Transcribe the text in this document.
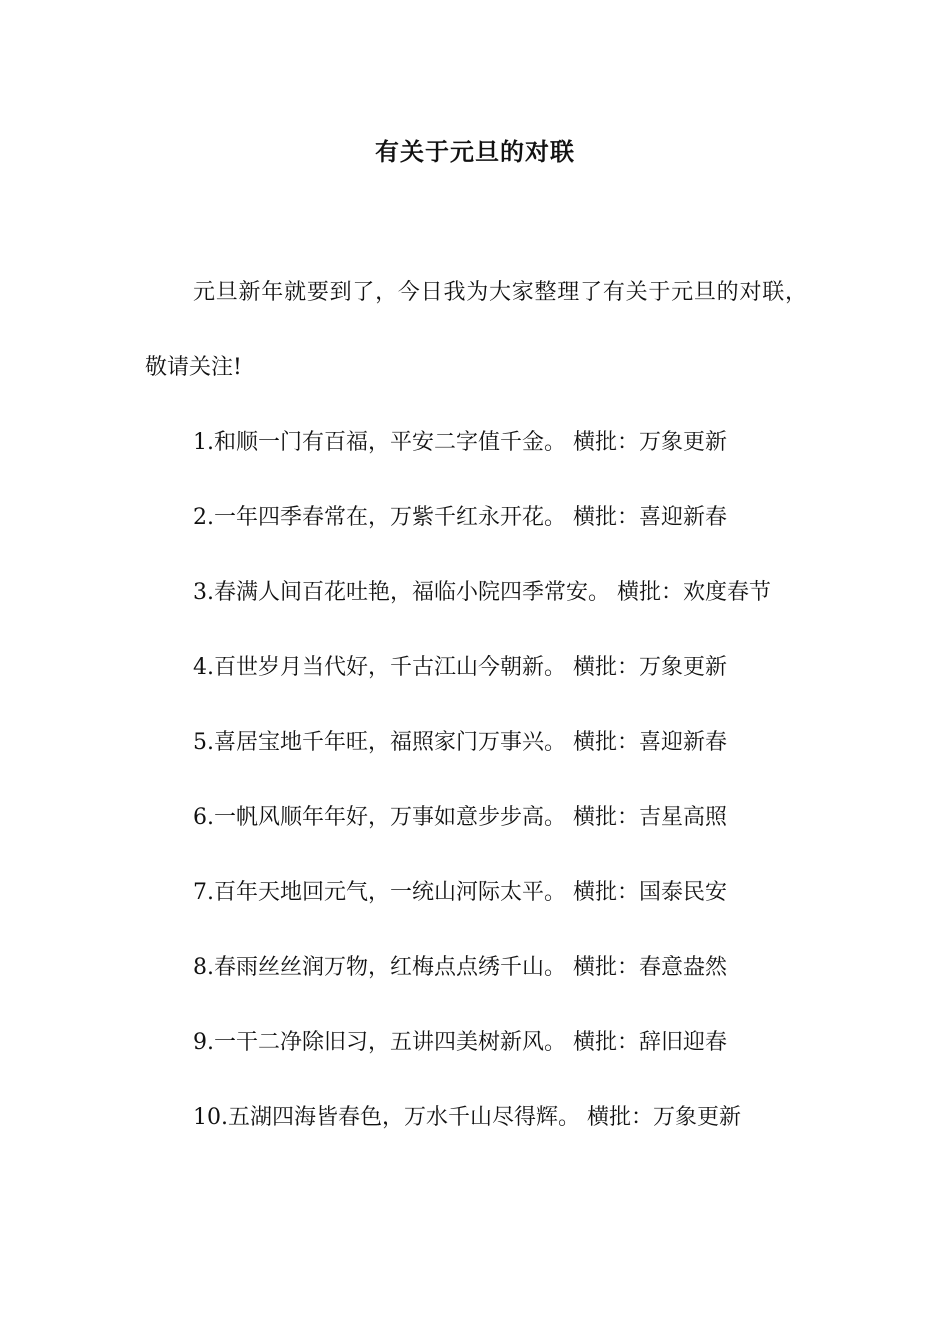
有关于元旦的对联

元旦新年就要到了，今日我为大家整理了有关于元旦的对联，敬请关注!

1.和顺一门有百福，平安二字值千金。 横批：万象更新

2.一年四季春常在，万紫千红永开花。 横批：喜迎新春

3.春满人间百花吐艳，福临小院四季常安。 横批：欢度春节

4.百世岁月当代好，千古江山今朝新。 横批：万象更新

5.喜居宝地千年旺，福照家门万事兴。 横批：喜迎新春

6.一帆风顺年年好，万事如意步步高。 横批：吉星高照

7.百年天地回元气，一统山河际太平。 横批：国泰民安

8.春雨丝丝润万物，红梅点点绣千山。 横批：春意盎然

9.一干二净除旧习，五讲四美树新风。 横批：辞旧迎春

10.五湖四海皆春色，万水千山尽得辉。 横批：万象更新
